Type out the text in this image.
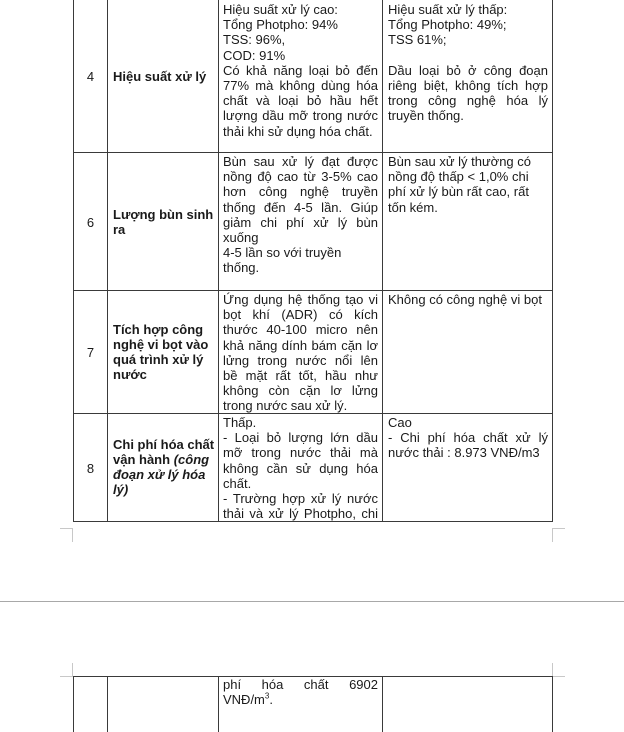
4	Hiệu suất xử lý
Hiệu suất xử lý cao:
Tổng Photpho: 94%
TSS: 96%,
COD: 91%
Có khả năng loại bỏ đến
77% mà không dùng hóa
chất và loại bỏ hầu hết
lượng dầu mỡ trong nước
thải khi sử dụng hóa chất.
Hiệu suất xử lý thấp:
Tổng Photpho: 49%;
TSS 61%;
Dầu loại bỏ ở công đoạn
riêng biệt, không tích hợp
trong công nghệ hóa lý
truyền thống.
6
Lượng bùn sinh
ra
Bùn sau xử lý đạt được
nồng độ cao từ 3-5% cao
hơn công nghệ truyền
thống đến 4-5 lần. Giúp
giảm chi phí xử lý bùn
xuống
4-5 lần so với truyền
thống.
Bùn sau xử lý thường có
nồng độ thấp < 1,0% chi
phí xử lý bùn rất cao, rất
tốn kém.
7
Tích hợp công
nghệ vi bọt vào
quá trình xử lý
nước
Ứng dụng hệ thống tạo vi
bọt khí (ADR) có kích
thước 40-100 micro nên
khả năng dính bám cặn lơ
lửng trong nước nổi lên
bề mặt rất tốt, hầu như
không còn cặn lơ lửng
trong nước sau xử lý.
Không có công nghệ vi bọt
8
Chi phí hóa chất vận hành (công đoạn xử lý hóa lý)
Thấp.
- Loại bỏ lượng lớn dầu
mỡ trong nước thải mà
không cần sử dụng hóa
chất.
- Trường hợp xử lý nước
thải và xử lý Photpho, chi
Cao
- Chi phí hóa chất xử lý
nước thải : 8.973 VNĐ/m3
phí hóa chất 6902
VNĐ/$m^3$.
